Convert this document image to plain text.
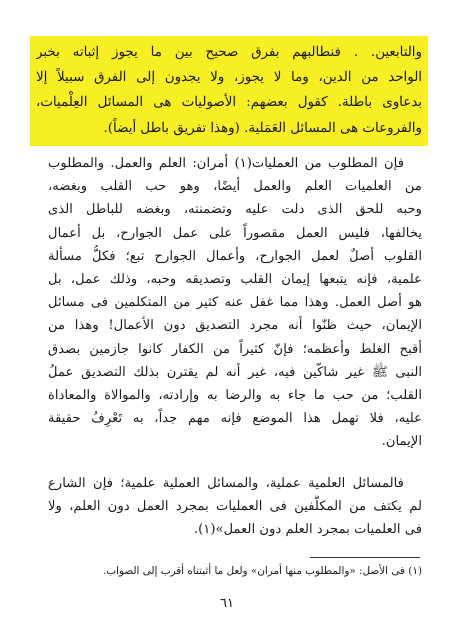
والتابعين. . فنطالبهم بفرق صحيح بين ما يجوز إثباته بخبر
الواحد من الدين، وما لا يجوز، ولا يجدون إلى الفرق سبيلاً إلا
بدعاوى باطلة. كقول بعضهم: الأصوليات هى المسائل العِلْميات،
والفروعات هى المسائل العَمَلية. (وهذا تفريق باطل أيضاً).
فإن المطلوب من العمليات(١) أمران: العلم والعمل. والمطلوب
من العلميات العلم والعمل أيضًا، وهو حب القلب وبغضه،
وحبه للحق الذى دلت عليه وتضمنته، وبغضه للباطل الذى
يخالفها، فليس العمل مقصوراً على عمل الجوارح، بل أعمال
القلوب أصلٌ لعمل الجوارح، وأعمال الجوارح تبع؛ فكلُّ مسألة
علمية، فإنه يتبعها إيمان القلب وتصديقه وحبه، وذلك عمل، بل
هو أصل العمل. وهذا مما غفل عنه كثير من المتكلمين فى مسائل
الإيمان، حيث ظنّوا أنه مجرد التصديق دون الأعمال! وهذا من
أقبح الغلط وأعظمه؛ فإنّ كثيراً من الكفار كانوا جازمين بصدق
النبى ﷺ غير شاكّين فيه، غير أنه لم يقترن بذلك التصديق عملُ
القلب؛ من حب ما جاء به والرضا به وإرادته، والموالاة والمعاداة
عليه، فلا تهمل هذا الموضع فإنه مهم جداً، به تَعْرِفُ حقيقة
الإيمان.
فالمسائل العلمية عملية، والمسائل العملية علمية؛ فإن الشارع
لم يكتف من المكلَّفين فى العمليات بمجرد العمل دون العلم، ولا
فى العلميات بمجرد العلم دون العمل»(١).
(١) فى الأصل: «والمطلوب منها أمران» ولعل ما أثبتناه أقرب إلى الصواب.
٦١
